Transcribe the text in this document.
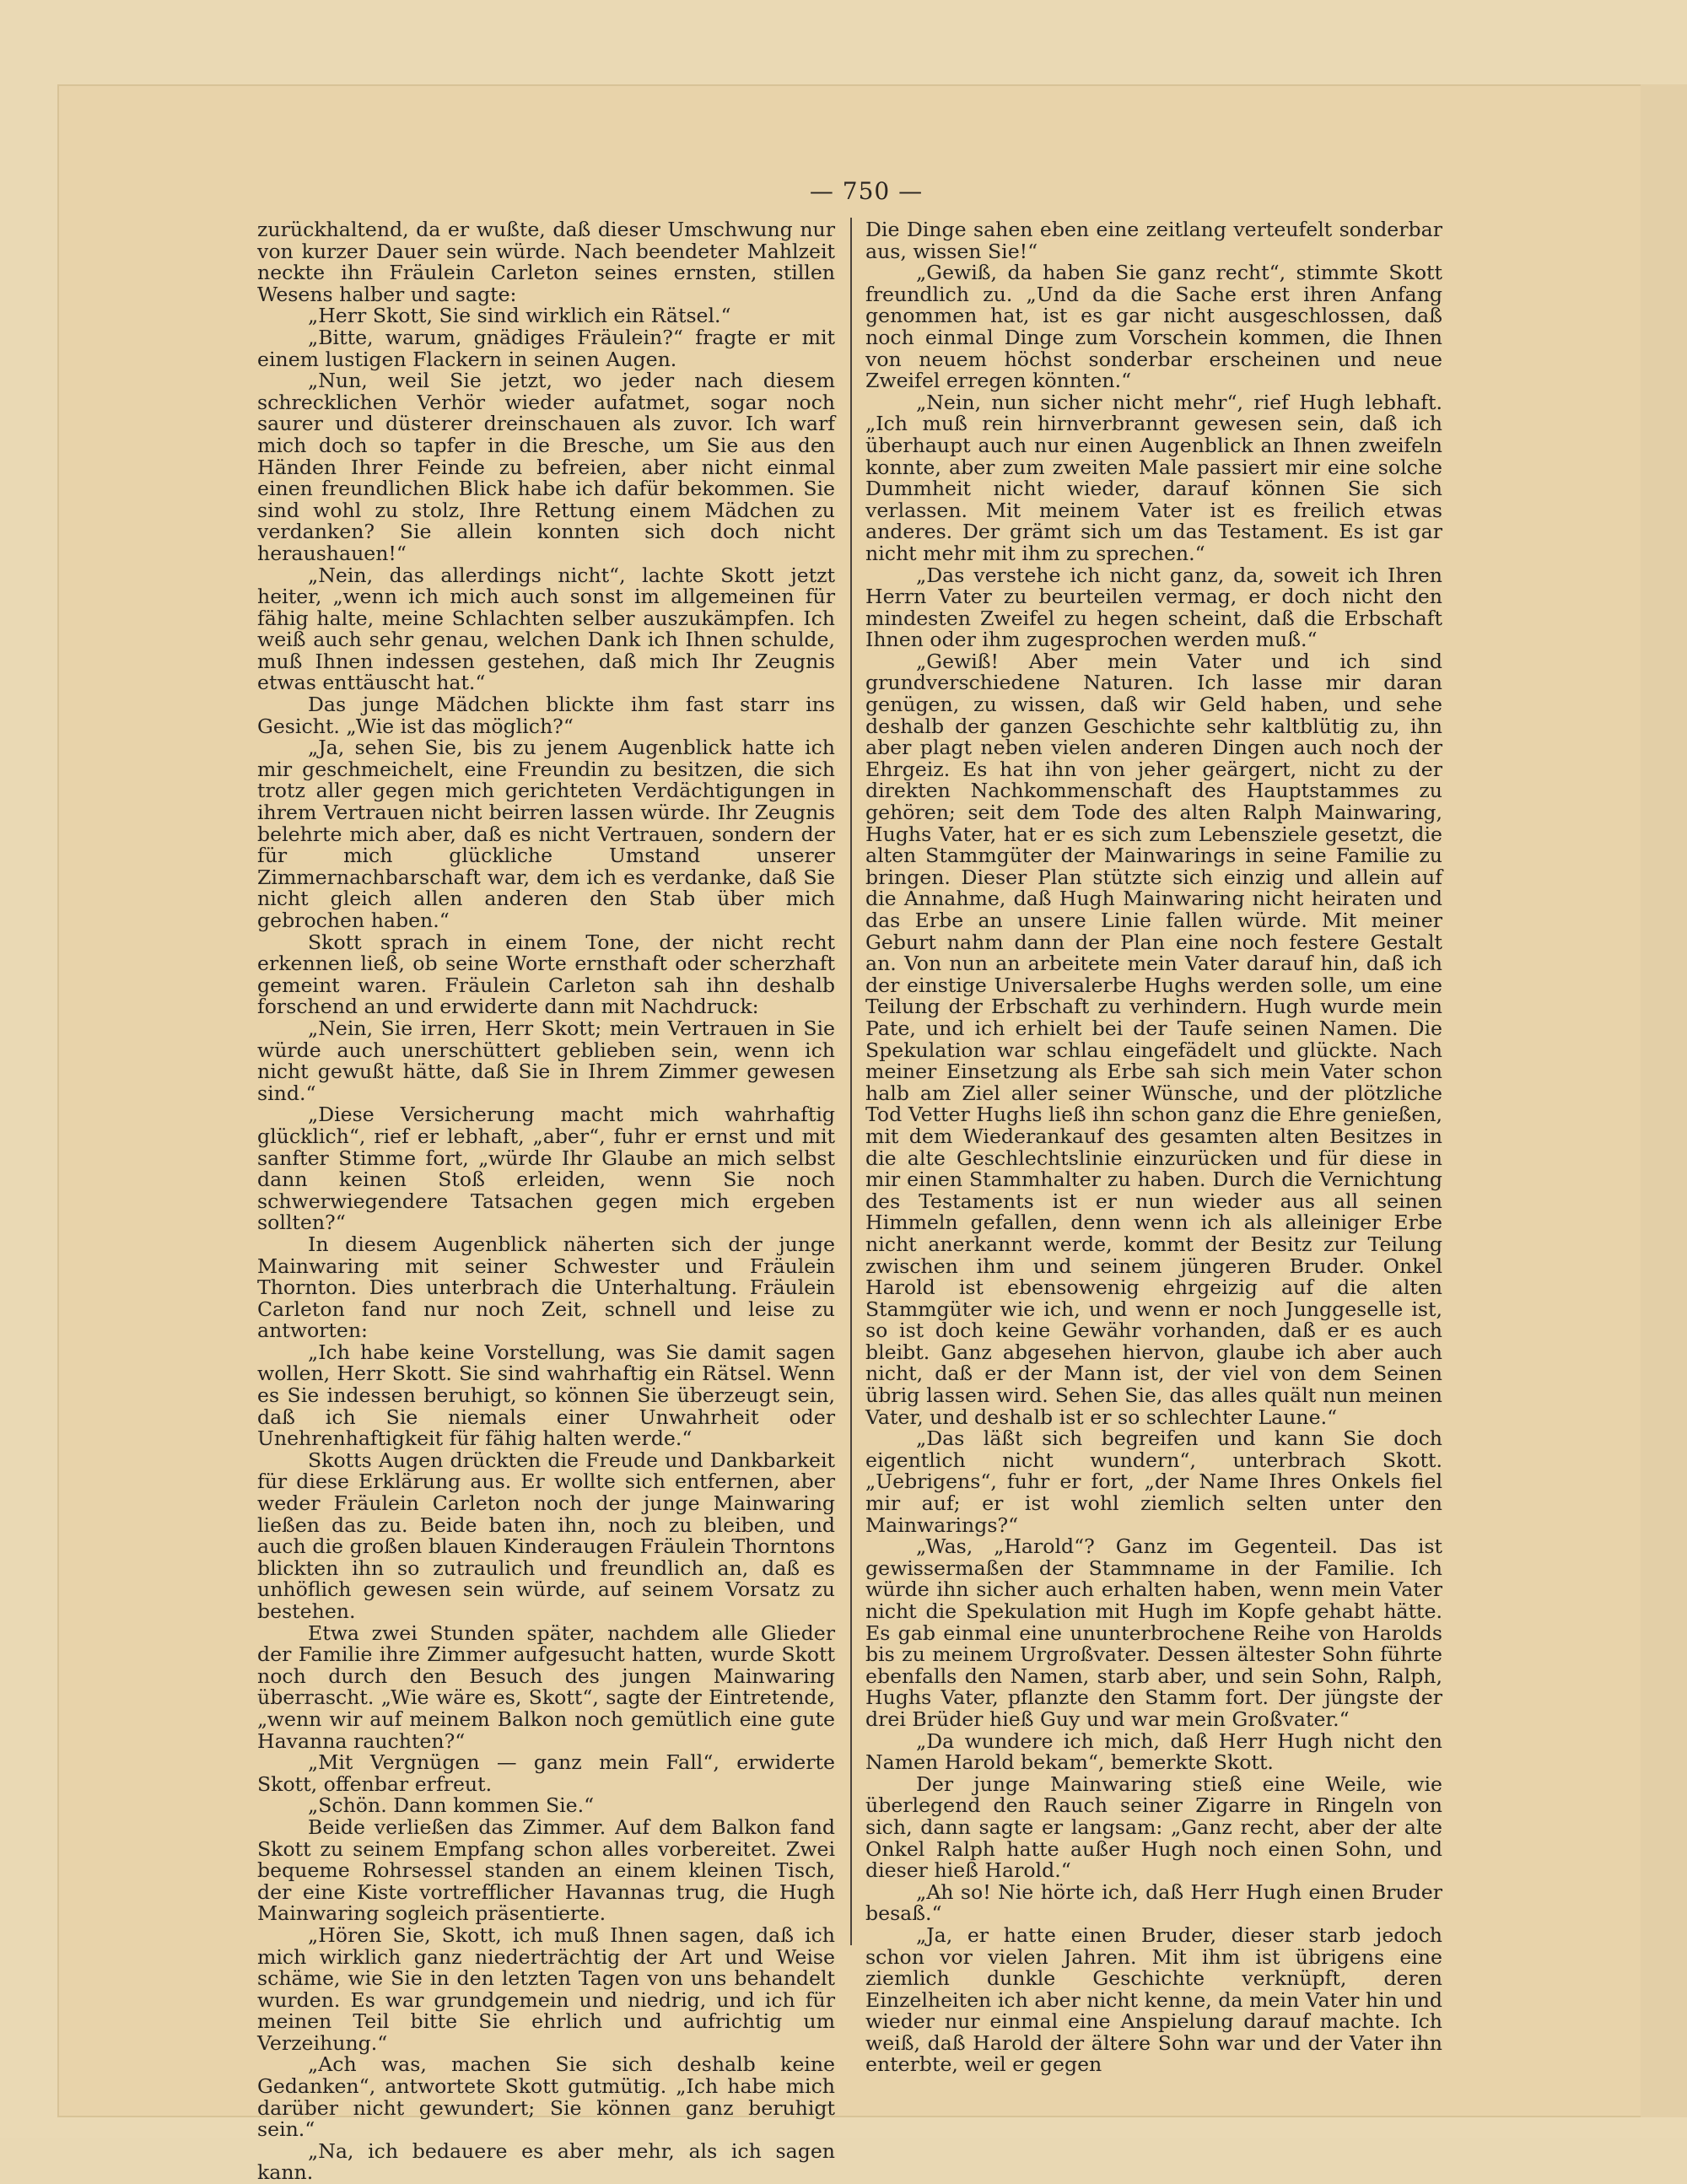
— 750 —

zurückhaltend, da er wußte, daß dieser Umschwung nur von kurzer Dauer sein würde. Nach beendeter Mahlzeit neckte ihn Fräulein Carleton seines ernsten, stillen Wesens halber und sagte:

„Herr Skott, Sie sind wirklich ein Rätsel.“

„Bitte, warum, gnädiges Fräulein?“ fragte er mit einem lustigen Flackern in seinen Augen.

„Nun, weil Sie jetzt, wo jeder nach diesem schrecklichen Verhör wieder aufatmet, sogar noch saurer und düsterer dreinschauen als zuvor. Ich warf mich doch so tapfer in die Bresche, um Sie aus den Händen Ihrer Feinde zu befreien, aber nicht einmal einen freundlichen Blick habe ich dafür bekommen. Sie sind wohl zu stolz, Ihre Rettung einem Mädchen zu verdanken? Sie allein konnten sich doch nicht heraushauen!“

„Nein, das allerdings nicht“, lachte Skott jetzt heiter, „wenn ich mich auch sonst im allgemeinen für fähig halte, meine Schlachten selber auszukämpfen. Ich weiß auch sehr genau, welchen Dank ich Ihnen schulde, muß Ihnen indessen gestehen, daß mich Ihr Zeugnis etwas enttäuscht hat.“

Das junge Mädchen blickte ihm fast starr ins Gesicht. „Wie ist das möglich?“

„Ja, sehen Sie, bis zu jenem Augenblick hatte ich mir geschmeichelt, eine Freundin zu besitzen, die sich trotz aller gegen mich gerichteten Verdächtigungen in ihrem Vertrauen nicht beirren lassen würde. Ihr Zeugnis belehrte mich aber, daß es nicht Vertrauen, sondern der für mich glückliche Umstand unserer Zimmernachbarschaft war, dem ich es verdanke, daß Sie nicht gleich allen anderen den Stab über mich gebrochen haben.“

Skott sprach in einem Tone, der nicht recht erkennen ließ, ob seine Worte ernsthaft oder scherzhaft gemeint waren. Fräulein Carleton sah ihn deshalb forschend an und erwiderte dann mit Nachdruck:

„Nein, Sie irren, Herr Skott; mein Vertrauen in Sie würde auch unerschüttert geblieben sein, wenn ich nicht gewußt hätte, daß Sie in Ihrem Zimmer gewesen sind.“

„Diese Versicherung macht mich wahrhaftig glücklich“, rief er lebhaft, „aber“, fuhr er ernst und mit sanfter Stimme fort, „würde Ihr Glaube an mich selbst dann keinen Stoß erleiden, wenn Sie noch schwerwiegendere Tatsachen gegen mich ergeben sollten?“

In diesem Augenblick näherten sich der junge Mainwaring mit seiner Schwester und Fräulein Thornton. Dies unterbrach die Unterhaltung. Fräulein Carleton fand nur noch Zeit, schnell und leise zu antworten:

„Ich habe keine Vorstellung, was Sie damit sagen wollen, Herr Skott. Sie sind wahrhaftig ein Rätsel. Wenn es Sie indessen beruhigt, so können Sie überzeugt sein, daß ich Sie niemals einer Unwahrheit oder Unehrenhaftigkeit für fähig halten werde.“

Skotts Augen drückten die Freude und Dankbarkeit für diese Erklärung aus. Er wollte sich entfernen, aber weder Fräulein Carleton noch der junge Mainwaring ließen das zu. Beide baten ihn, noch zu bleiben, und auch die großen blauen Kinderaugen Fräulein Thorntons blickten ihn so zutraulich und freundlich an, daß es unhöflich gewesen sein würde, auf seinem Vorsatz zu bestehen.

Etwa zwei Stunden später, nachdem alle Glieder der Familie ihre Zimmer aufgesucht hatten, wurde Skott noch durch den Besuch des jungen Mainwaring überrascht. „Wie wäre es, Skott“, sagte der Eintretende, „wenn wir auf meinem Balkon noch gemütlich eine gute Havanna rauchten?“

„Mit Vergnügen — ganz mein Fall“, erwiderte Skott, offenbar erfreut.

„Schön. Dann kommen Sie.“

Beide verließen das Zimmer. Auf dem Balkon fand Skott zu seinem Empfang schon alles vorbereitet. Zwei bequeme Rohrsessel standen an einem kleinen Tisch, der eine Kiste vortrefflicher Havannas trug, die Hugh Mainwaring sogleich präsentierte.

„Hören Sie, Skott, ich muß Ihnen sagen, daß ich mich wirklich ganz niederträchtig der Art und Weise schäme, wie Sie in den letzten Tagen von uns behandelt wurden. Es war grundgemein und niedrig, und ich für meinen Teil bitte Sie ehrlich und aufrichtig um Verzeihung.“

„Ach was, machen Sie sich deshalb keine Gedanken“, antwortete Skott gutmütig. „Ich habe mich darüber nicht gewundert; Sie können ganz beruhigt sein.“

„Na, ich bedauere es aber mehr, als ich sagen kann.

Die Dinge sahen eben eine zeitlang verteufelt sonderbar aus, wissen Sie!“

„Gewiß, da haben Sie ganz recht“, stimmte Skott freundlich zu. „Und da die Sache erst ihren Anfang genommen hat, ist es gar nicht ausgeschlossen, daß noch einmal Dinge zum Vorschein kommen, die Ihnen von neuem höchst sonderbar erscheinen und neue Zweifel erregen könnten.“

„Nein, nun sicher nicht mehr“, rief Hugh lebhaft. „Ich muß rein hirnverbrannt gewesen sein, daß ich überhaupt auch nur einen Augenblick an Ihnen zweifeln konnte, aber zum zweiten Male passiert mir eine solche Dummheit nicht wieder, darauf können Sie sich verlassen. Mit meinem Vater ist es freilich etwas anderes. Der grämt sich um das Testament. Es ist gar nicht mehr mit ihm zu sprechen.“

„Das verstehe ich nicht ganz, da, soweit ich Ihren Herrn Vater zu beurteilen vermag, er doch nicht den mindesten Zweifel zu hegen scheint, daß die Erbschaft Ihnen oder ihm zugesprochen werden muß.“

„Gewiß! Aber mein Vater und ich sind grundverschiedene Naturen. Ich lasse mir daran genügen, zu wissen, daß wir Geld haben, und sehe deshalb der ganzen Geschichte sehr kaltblütig zu, ihn aber plagt neben vielen anderen Dingen auch noch der Ehrgeiz. Es hat ihn von jeher geärgert, nicht zu der direkten Nachkommenschaft des Hauptstammes zu gehören; seit dem Tode des alten Ralph Mainwaring, Hughs Vater, hat er es sich zum Lebensziele gesetzt, die alten Stammgüter der Mainwarings in seine Familie zu bringen. Dieser Plan stützte sich einzig und allein auf die Annahme, daß Hugh Mainwaring nicht heiraten und das Erbe an unsere Linie fallen würde. Mit meiner Geburt nahm dann der Plan eine noch festere Gestalt an. Von nun an arbeitete mein Vater darauf hin, daß ich der einstige Universalerbe Hughs werden solle, um eine Teilung der Erbschaft zu verhindern. Hugh wurde mein Pate, und ich erhielt bei der Taufe seinen Namen. Die Spekulation war schlau eingefädelt und glückte. Nach meiner Einsetzung als Erbe sah sich mein Vater schon halb am Ziel aller seiner Wünsche, und der plötzliche Tod Vetter Hughs ließ ihn schon ganz die Ehre genießen, mit dem Wiederankauf des gesamten alten Besitzes in die alte Geschlechtslinie einzurücken und für diese in mir einen Stammhalter zu haben. Durch die Vernichtung des Testaments ist er nun wieder aus all seinen Himmeln gefallen, denn wenn ich als alleiniger Erbe nicht anerkannt werde, kommt der Besitz zur Teilung zwischen ihm und seinem jüngeren Bruder. Onkel Harold ist ebensowenig ehrgeizig auf die alten Stammgüter wie ich, und wenn er noch Junggeselle ist, so ist doch keine Gewähr vorhanden, daß er es auch bleibt. Ganz abgesehen hiervon, glaube ich aber auch nicht, daß er der Mann ist, der viel von dem Seinen übrig lassen wird. Sehen Sie, das alles quält nun meinen Vater, und deshalb ist er so schlechter Laune.“

„Das läßt sich begreifen und kann Sie doch eigentlich nicht wundern“, unterbrach Skott. „Uebrigens“, fuhr er fort, „der Name Ihres Onkels fiel mir auf; er ist wohl ziemlich selten unter den Mainwarings?“

„Was, „Harold“? Ganz im Gegenteil. Das ist gewissermaßen der Stammname in der Familie. Ich würde ihn sicher auch erhalten haben, wenn mein Vater nicht die Spekulation mit Hugh im Kopfe gehabt hätte. Es gab einmal eine ununterbrochene Reihe von Harolds bis zu meinem Urgroßvater. Dessen ältester Sohn führte ebenfalls den Namen, starb aber, und sein Sohn, Ralph, Hughs Vater, pflanzte den Stamm fort. Der jüngste der drei Brüder hieß Guy und war mein Großvater.“

„Da wundere ich mich, daß Herr Hugh nicht den Namen Harold bekam“, bemerkte Skott.

Der junge Mainwaring stieß eine Weile, wie überlegend den Rauch seiner Zigarre in Ringeln von sich, dann sagte er langsam: „Ganz recht, aber der alte Onkel Ralph hatte außer Hugh noch einen Sohn, und dieser hieß Harold.“

„Ah so! Nie hörte ich, daß Herr Hugh einen Bruder besaß.“

„Ja, er hatte einen Bruder, dieser starb jedoch schon vor vielen Jahren. Mit ihm ist übrigens eine ziemlich dunkle Geschichte verknüpft, deren Einzelheiten ich aber nicht kenne, da mein Vater hin und wieder nur einmal eine Anspielung darauf machte. Ich weiß, daß Harold der ältere Sohn war und der Vater ihn enterbte, weil er gegen
